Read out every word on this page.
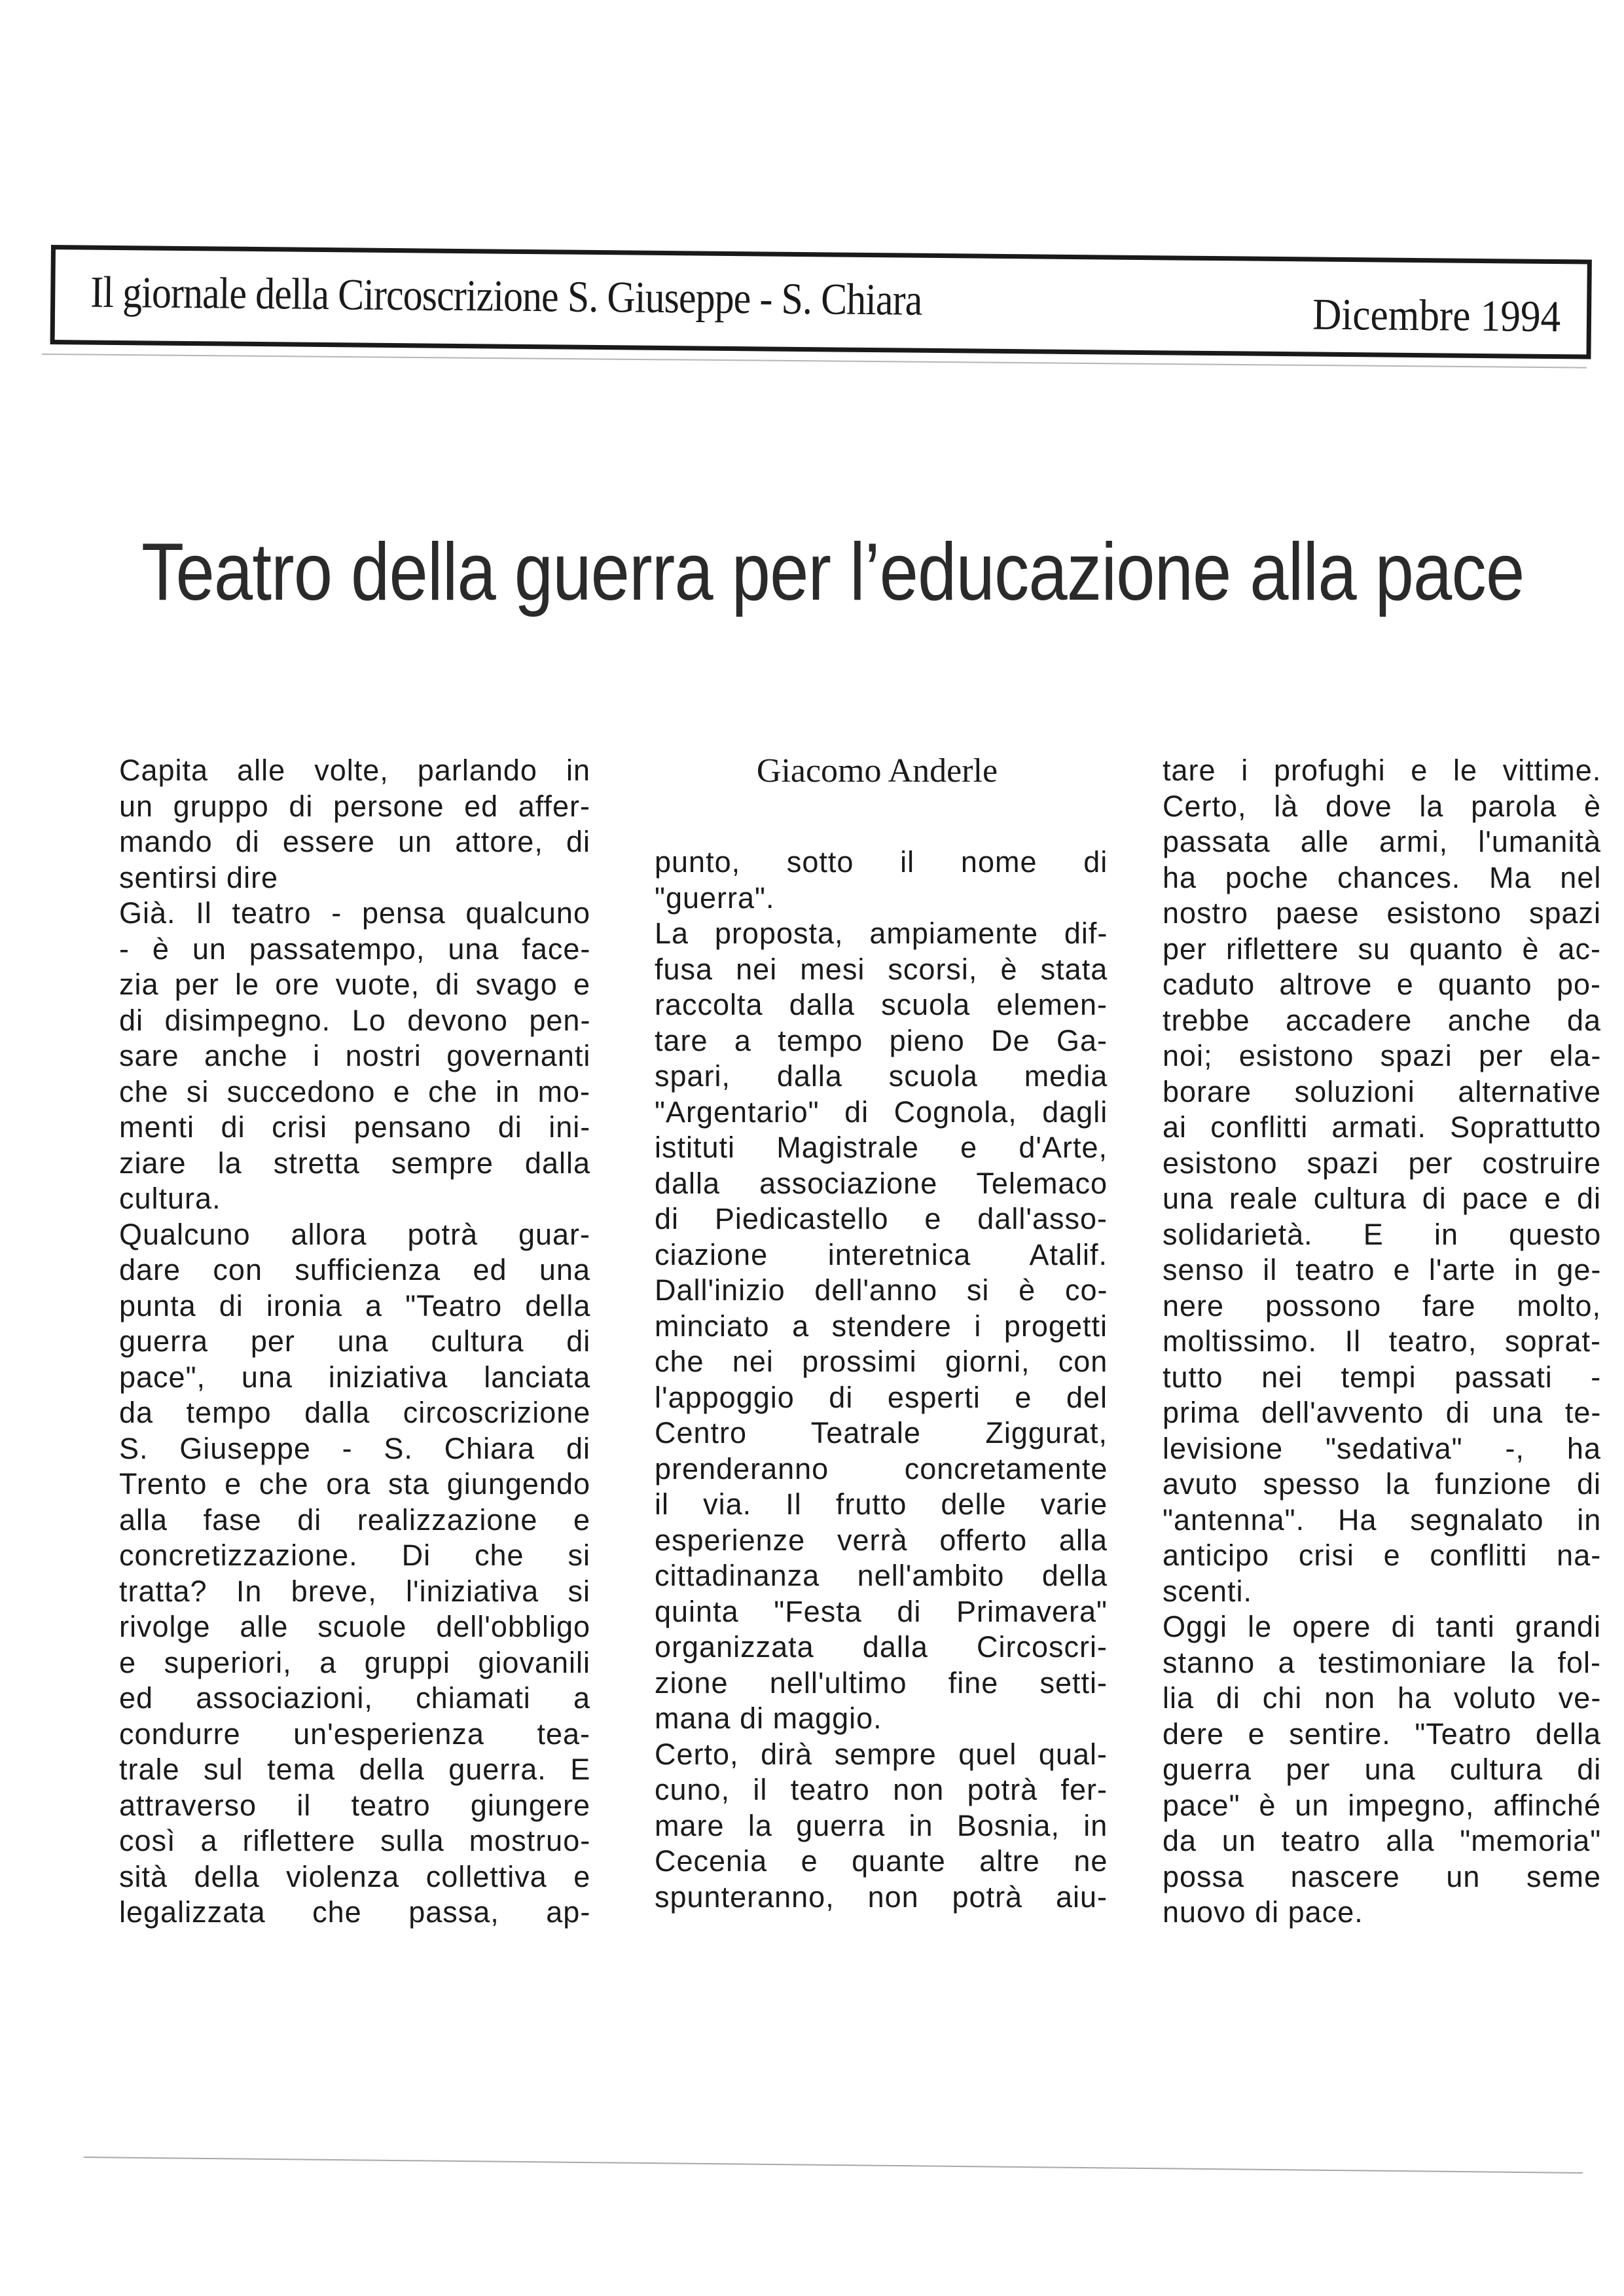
Il giornale della Circoscrizione S. Giuseppe - S. Chiara	Dicembre 1994
Teatro della guerra per l’educazione alla pace
Giacomo Anderle
Capita alle volte, parlando in
un gruppo di persone ed affer-
mando di essere un attore, di
sentirsi dire
Già. Il teatro - pensa qualcuno
- è un passatempo, una face-
zia per le ore vuote, di svago e
di disimpegno. Lo devono pen-
sare anche i nostri governanti
che si succedono e che in mo-
menti di crisi pensano di ini-
ziare la stretta sempre dalla
cultura.
Qualcuno allora potrà guar-
dare con sufficienza ed una
punta di ironia a "Teatro della
guerra per una cultura di
pace", una iniziativa lanciata
da tempo dalla circoscrizione
S. Giuseppe - S. Chiara di
Trento e che ora sta giungendo
alla fase di realizzazione e
concretizzazione. Di che si
tratta? In breve, l'iniziativa si
rivolge alle scuole dell'obbligo
e superiori, a gruppi giovanili
ed associazioni, chiamati a
condurre un'esperienza tea-
trale sul tema della guerra. E
attraverso il teatro giungere
così a riflettere sulla mostruo-
sità della violenza collettiva e
legalizzata che passa, ap-
punto, sotto il nome di
"guerra".
La proposta, ampiamente dif-
fusa nei mesi scorsi, è stata
raccolta dalla scuola elemen-
tare a tempo pieno De Ga-
spari, dalla scuola media
"Argentario" di Cognola, dagli
istituti Magistrale e d'Arte,
dalla associazione Telemaco
di Piedicastello e dall'asso-
ciazione interetnica Atalif.
Dall'inizio dell'anno si è co-
minciato a stendere i progetti
che nei prossimi giorni, con
l'appoggio di esperti e del
Centro Teatrale Ziggurat,
prenderanno concretamente
il via. Il frutto delle varie
esperienze verrà offerto alla
cittadinanza nell'ambito della
quinta "Festa di Primavera"
organizzata dalla Circoscri-
zione nell'ultimo fine setti-
mana di maggio.
Certo, dirà sempre quel qual-
cuno, il teatro non potrà fer-
mare la guerra in Bosnia, in
Cecenia e quante altre ne
spunteranno, non potrà aiu-
tare i profughi e le vittime.
Certo, là dove la parola è
passata alle armi, l'umanità
ha poche chances. Ma nel
nostro paese esistono spazi
per riflettere su quanto è ac-
caduto altrove e quanto po-
trebbe accadere anche da
noi; esistono spazi per ela-
borare soluzioni alternative
ai conflitti armati. Soprattutto
esistono spazi per costruire
una reale cultura di pace e di
solidarietà. E in questo
senso il teatro e l'arte in ge-
nere possono fare molto,
moltissimo. Il teatro, soprat-
tutto nei tempi passati -
prima dell'avvento di una te-
levisione "sedativa" -, ha
avuto spesso la funzione di
"antenna". Ha segnalato in
anticipo crisi e conflitti na-
scenti.
Oggi le opere di tanti grandi
stanno a testimoniare la fol-
lia di chi non ha voluto ve-
dere e sentire. "Teatro della
guerra per una cultura di
pace" è un impegno, affinché
da un teatro alla "memoria"
possa nascere un seme
nuovo di pace.
